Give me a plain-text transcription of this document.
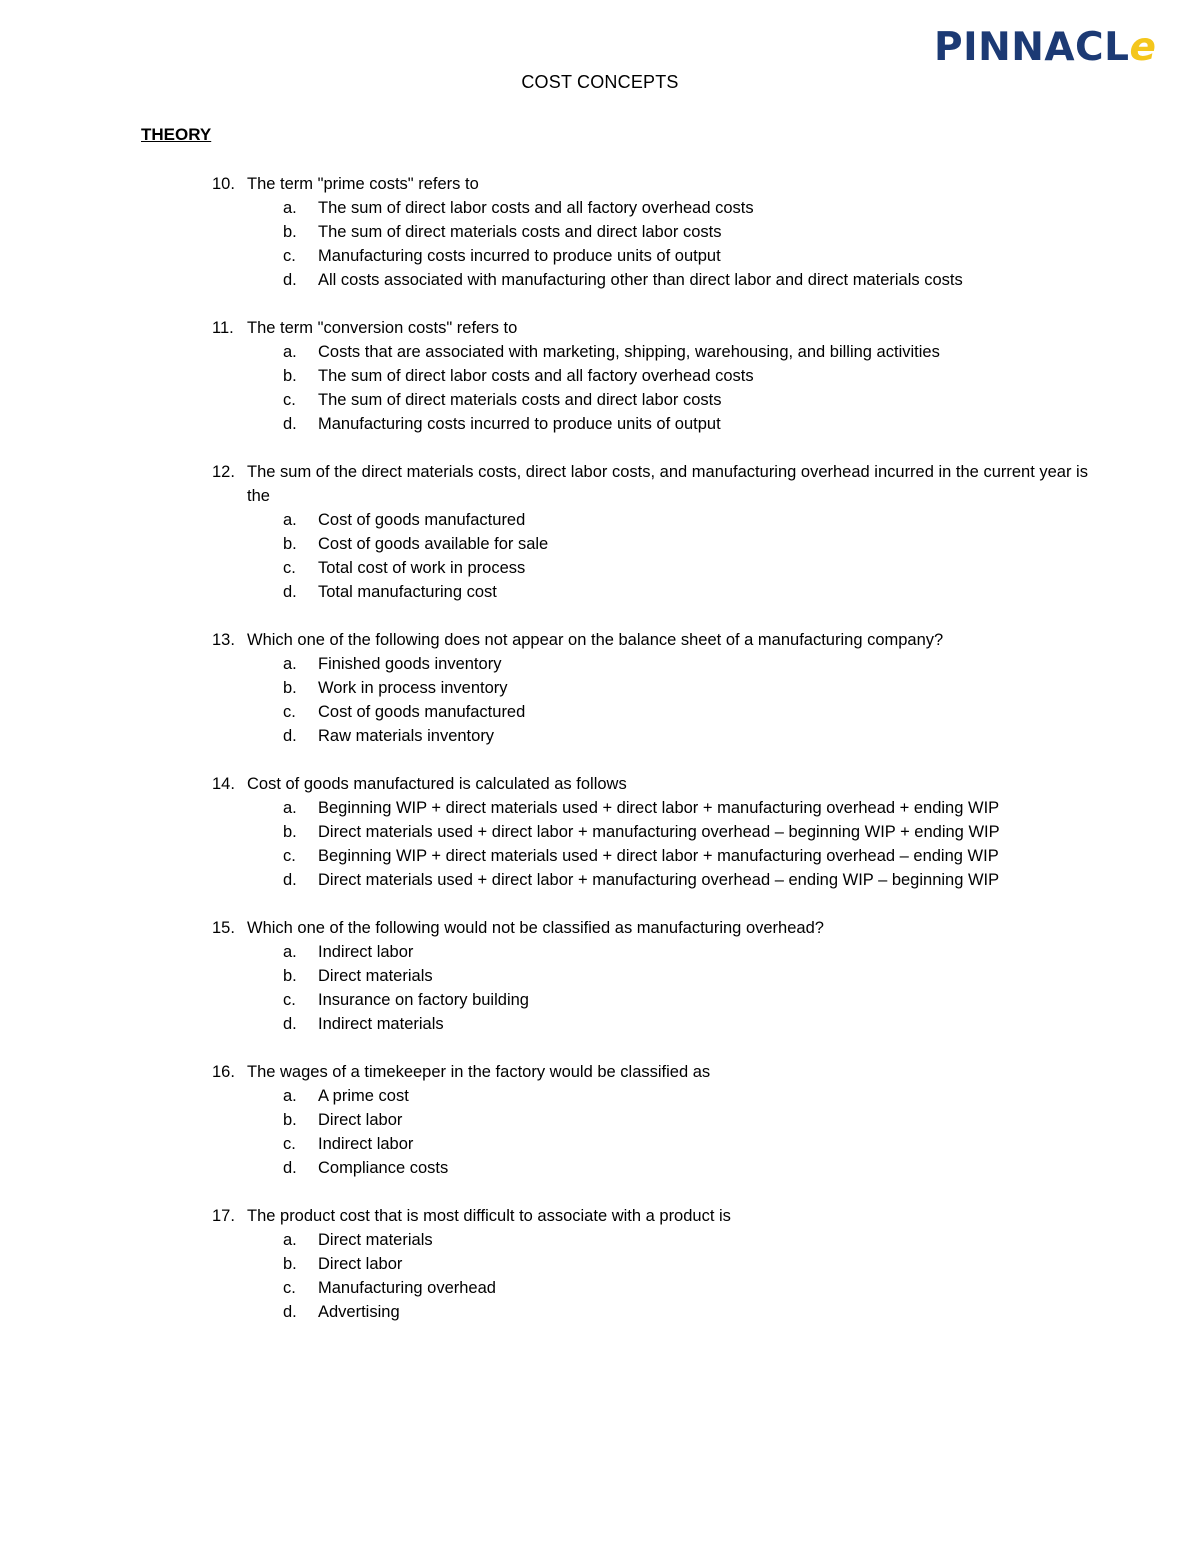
PINNACLe
COST CONCEPTS
THEORY
10. The term "prime costs" refers to
a.	The sum of direct labor costs and all factory overhead costs
b.	The sum of direct materials costs and direct labor costs
c.	Manufacturing costs incurred to produce units of output
d.	All costs associated with manufacturing other than direct labor and direct materials costs
11. The term "conversion costs" refers to
a.	Costs that are associated with marketing, shipping, warehousing, and billing activities
b.	The sum of direct labor costs and all factory overhead costs
c.	The sum of direct materials costs and direct labor costs
d.	Manufacturing costs incurred to produce units of output
12. The sum of the direct materials costs, direct labor costs, and manufacturing overhead incurred in the current year is the
a.	Cost of goods manufactured
b.	Cost of goods available for sale
c.	Total cost of work in process
d.	Total manufacturing cost
13. Which one of the following does not appear on the balance sheet of a manufacturing company?
a.	Finished goods inventory
b.	Work in process inventory
c.	Cost of goods manufactured
d.	Raw materials inventory
14. Cost of goods manufactured is calculated as follows
a.	Beginning WIP + direct materials used + direct labor + manufacturing overhead + ending WIP
b.	Direct materials used + direct labor + manufacturing overhead – beginning WIP + ending WIP
c.	Beginning WIP + direct materials used + direct labor + manufacturing overhead – ending WIP
d.	Direct materials used + direct labor + manufacturing overhead – ending WIP – beginning WIP
15. Which one of the following would not be classified as manufacturing overhead?
a.	Indirect labor
b.	Direct materials
c.	Insurance on factory building
d.	Indirect materials
16. The wages of a timekeeper in the factory would be classified as
a.	A prime cost
b.	Direct labor
c.	Indirect labor
d.	Compliance costs
17. The product cost that is most difficult to associate with a product is
a.	Direct materials
b.	Direct labor
c.	Manufacturing overhead
d.	Advertising
